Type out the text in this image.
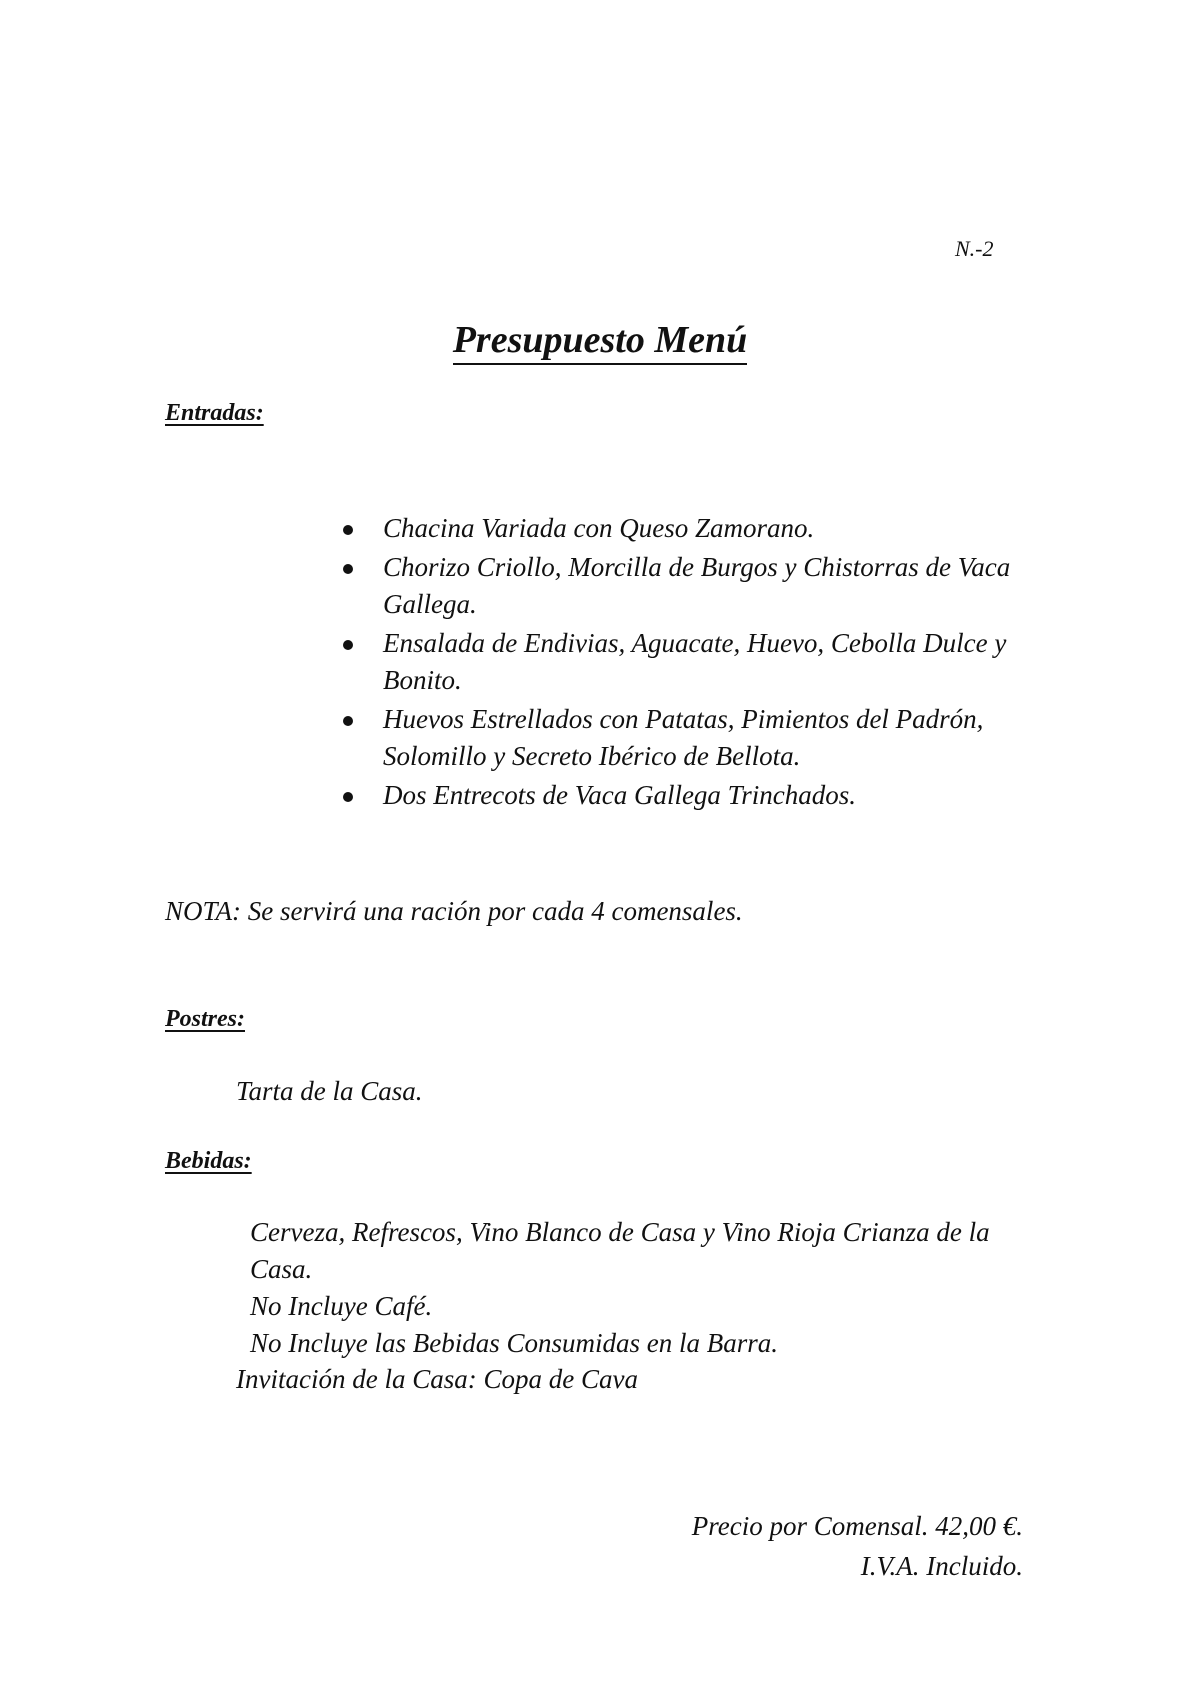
N.-2
Presupuesto Menú
Entradas:
Chacina Variada con Queso Zamorano.
Chorizo Criollo, Morcilla de Burgos y Chistorras de Vaca Gallega.
Ensalada de Endivias, Aguacate, Huevo, Cebolla Dulce y Bonito.
Huevos Estrellados con Patatas, Pimientos del Padrón, Solomillo y Secreto Ibérico de Bellota.
Dos Entrecots de Vaca Gallega Trinchados.
NOTA: Se servirá una ración por cada 4 comensales.
Postres:
Tarta de la Casa.
Bebidas:
Cerveza, Refrescos, Vino Blanco de Casa y Vino Rioja Crianza de la Casa.
No Incluye Café.
No Incluye las Bebidas Consumidas en la Barra.
Invitación de la Casa: Copa de Cava
Precio por Comensal. 42,00 €.
I.V.A. Incluido.
